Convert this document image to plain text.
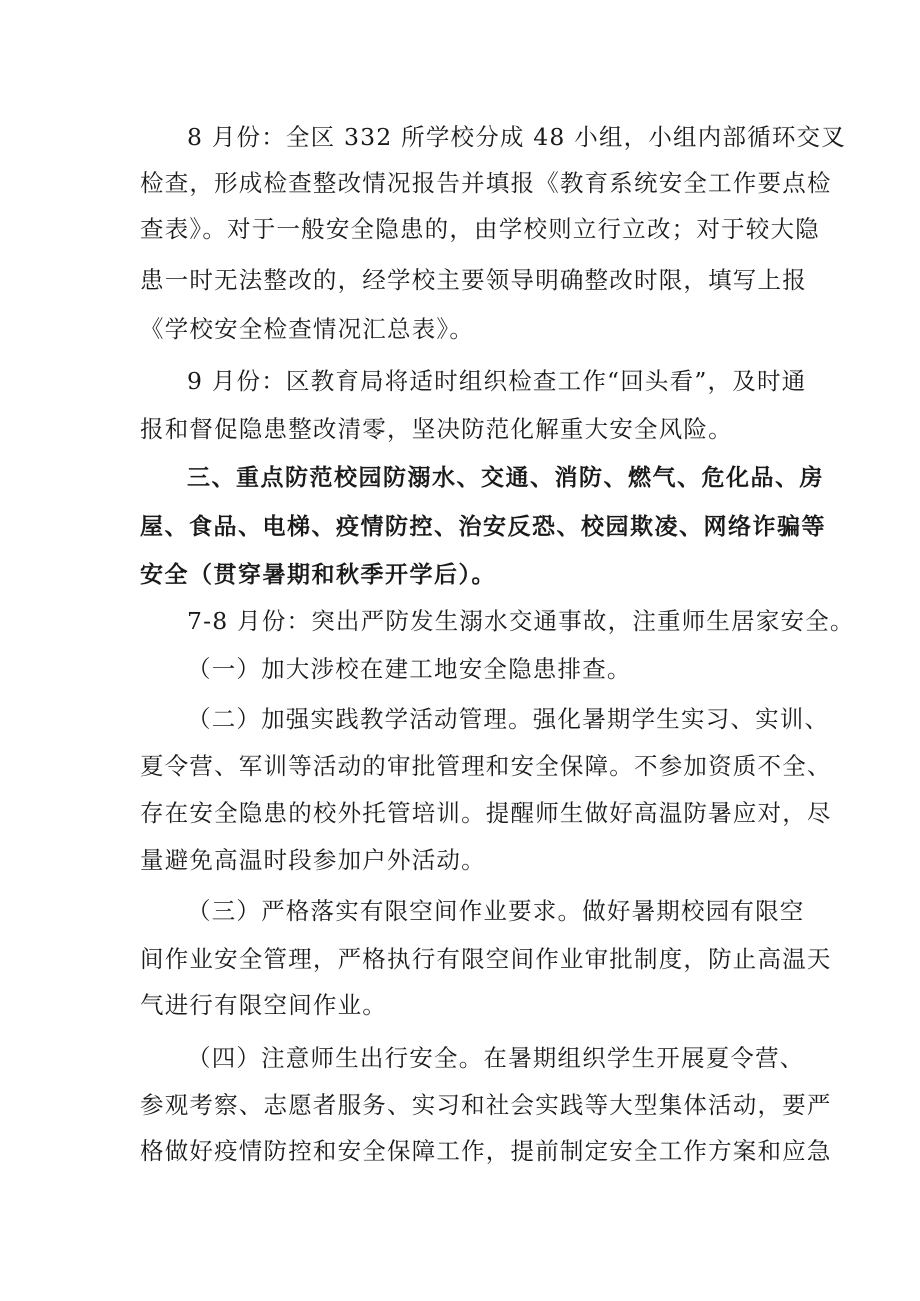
8 月份：全区 332 所学校分成 48 小组，小组内部循环交叉
检查，形成检查整改情况报告并填报《教育系统安全工作要点检
查表》。对于一般安全隐患的，由学校则立行立改；对于较大隐
患一时无法整改的，经学校主要领导明确整改时限，填写上报
《学校安全检查情况汇总表》。
9 月份：区教育局将适时组织检查工作“回头看”，及时通
报和督促隐患整改清零，坚决防范化解重大安全风险。
三、重点防范校园防溺水、交通、消防、燃气、危化品、房
屋、食品、电梯、疫情防控、治安反恐、校园欺凌、网络诈骗等
安全（贯穿暑期和秋季开学后）。
7-8 月份：突出严防发生溺水交通事故，注重师生居家安全。
（一）加大涉校在建工地安全隐患排查。
（二）加强实践教学活动管理。强化暑期学生实习、实训、
夏令营、军训等活动的审批管理和安全保障。不参加资质不全、
存在安全隐患的校外托管培训。提醒师生做好高温防暑应对，尽
量避免高温时段参加户外活动。
（三）严格落实有限空间作业要求。做好暑期校园有限空
间作业安全管理，严格执行有限空间作业审批制度，防止高温天
气进行有限空间作业。
（四）注意师生出行安全。在暑期组织学生开展夏令营、
参观考察、志愿者服务、实习和社会实践等大型集体活动，要严
格做好疫情防控和安全保障工作，提前制定安全工作方案和应急
